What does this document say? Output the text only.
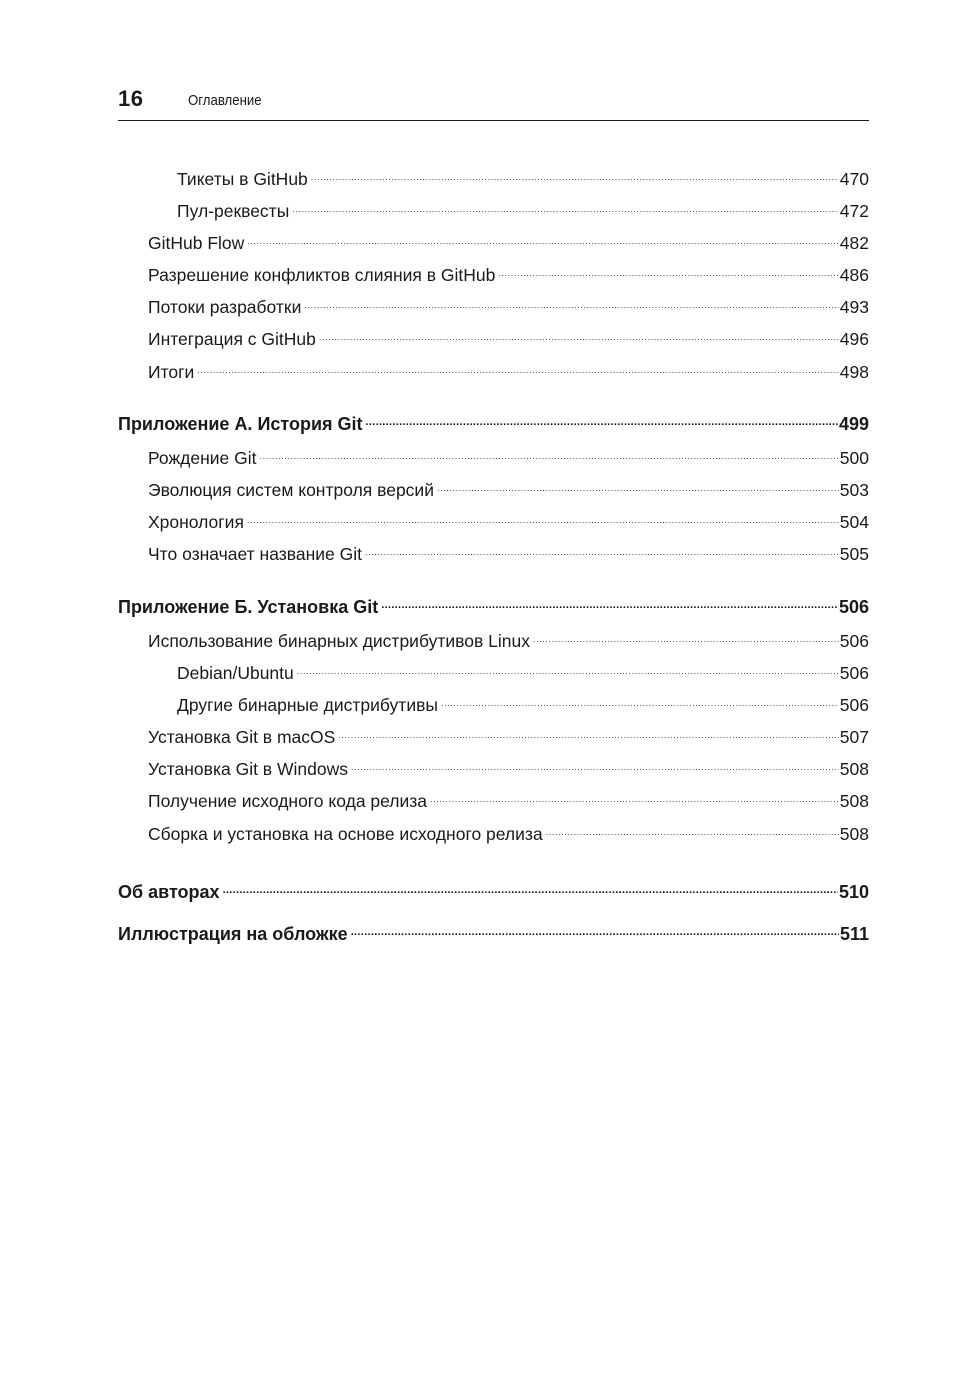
16	Оглавление
Тикеты в GitHub .....	470
Пул-реквесты .....	472
GitHub Flow .....	482
Разрешение конфликтов слияния в GitHub .....	486
Потоки разработки .....	493
Интеграция с GitHub .....	496
Итоги .....	498
Приложение А. История Git .....	499
Рождение Git .....	500
Эволюция систем контроля версий .....	503
Хронология .....	504
Что означает название Git .....	505
Приложение Б. Установка Git .....	506
Использование бинарных дистрибутивов Linux .....	506
Debian/Ubuntu .....	506
Другие бинарные дистрибутивы .....	506
Установка Git в macOS .....	507
Установка Git в Windows .....	508
Получение исходного кода релиза .....	508
Сборка и установка на основе исходного релиза .....	508
Об авторах .....	510
Иллюстрация на обложке .....	511
